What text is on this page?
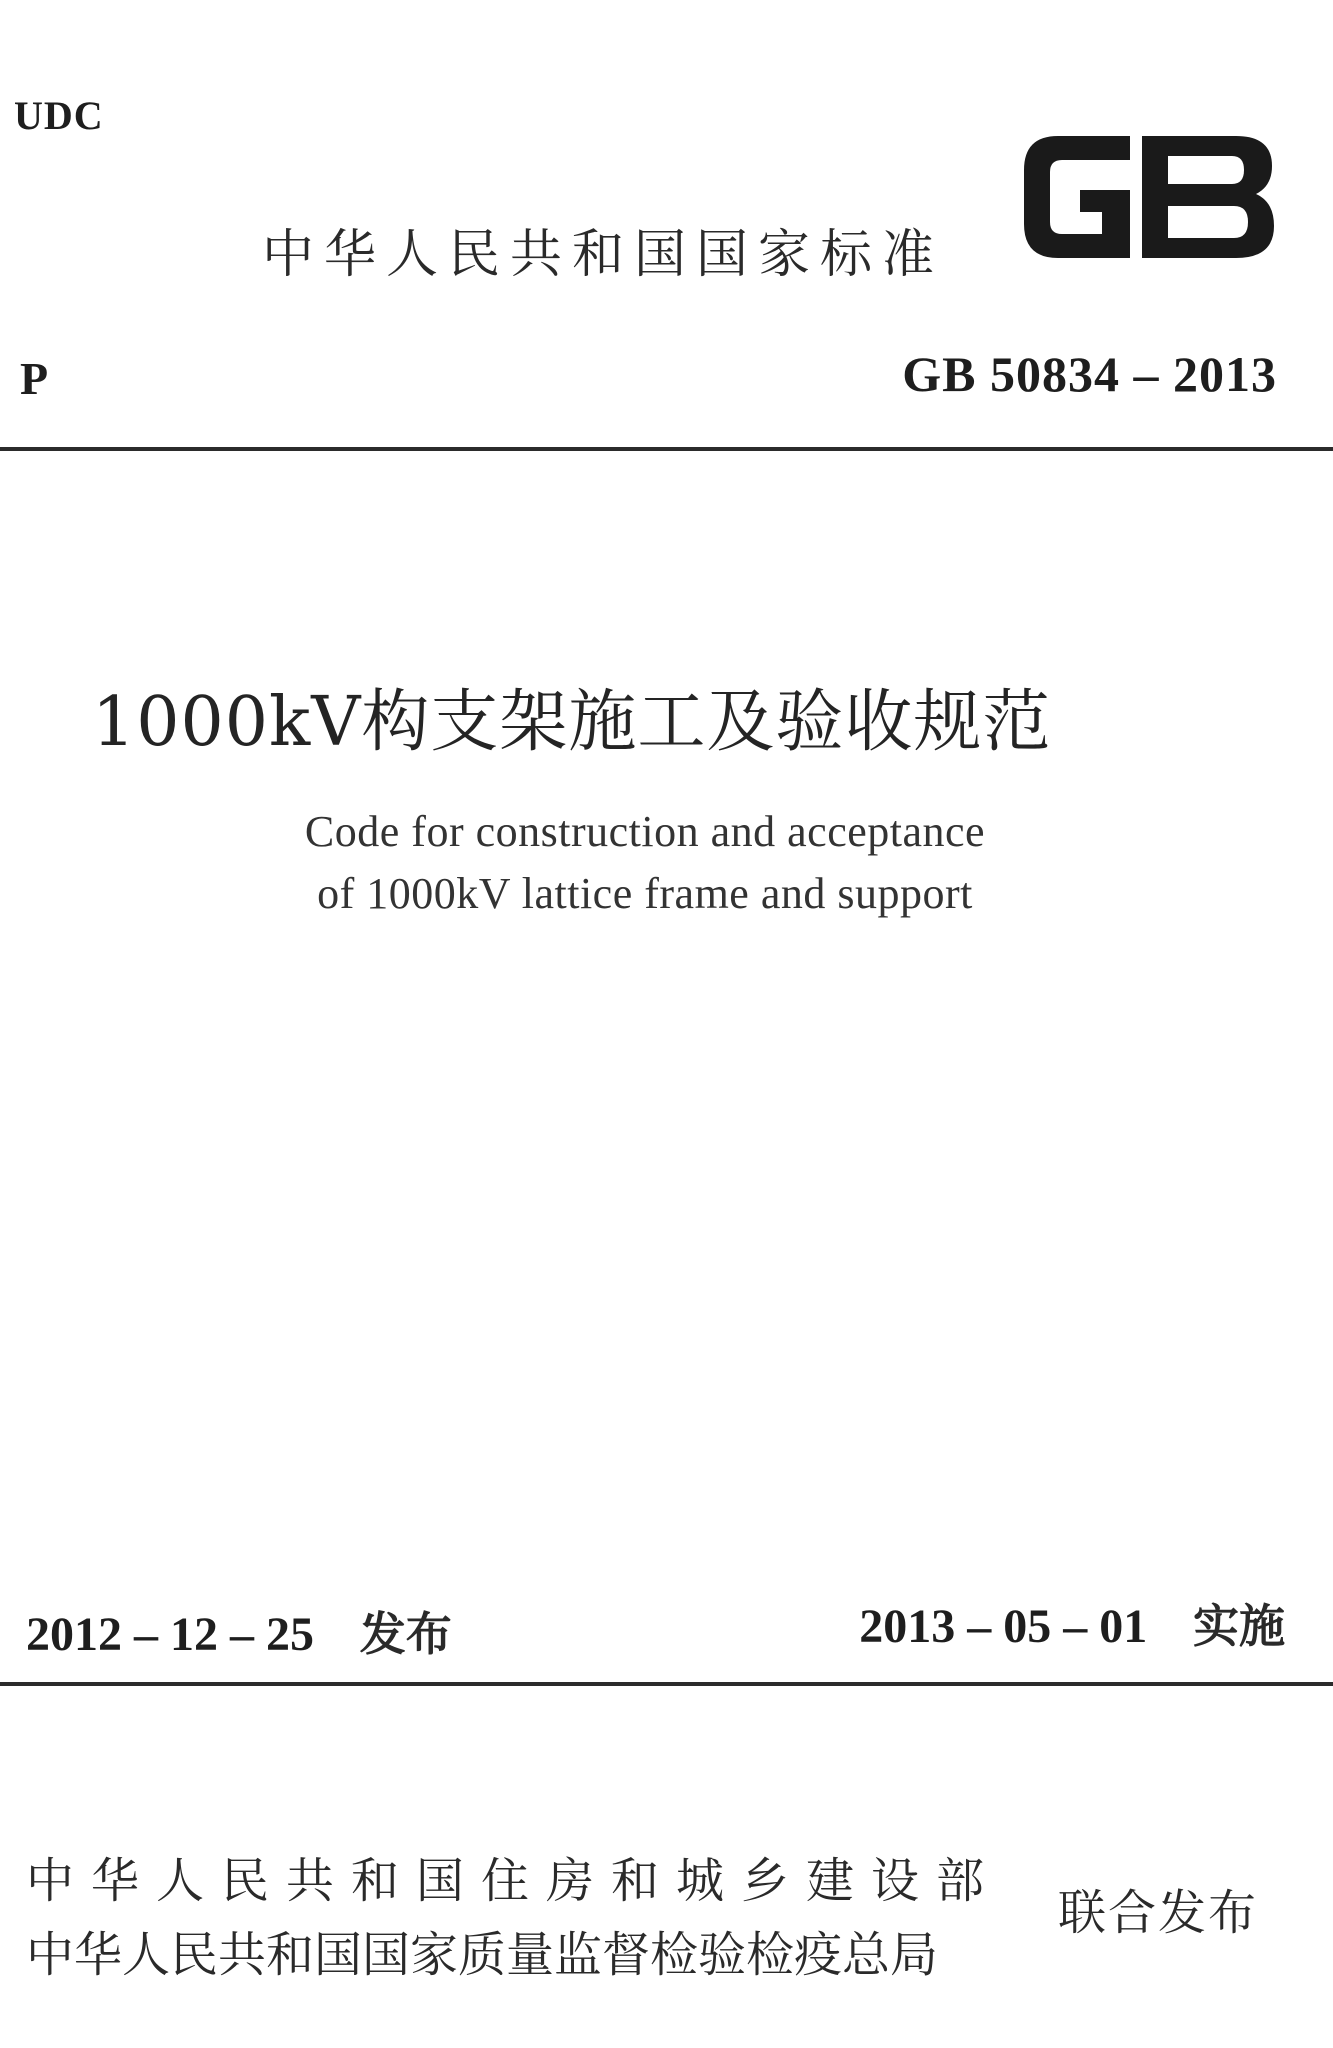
UDC
中华人民共和国国家标准
P	GB 50834 – 2013
1000kV构支架施工及验收规范
Code for construction and acceptance
of 1000kV lattice frame and support
2012 – 12 – 25 发布	2013 – 05 – 01 实施
中华人民共和国住房和城乡建设部
中华人民共和国国家质量监督检验检疫总局
联合发布
